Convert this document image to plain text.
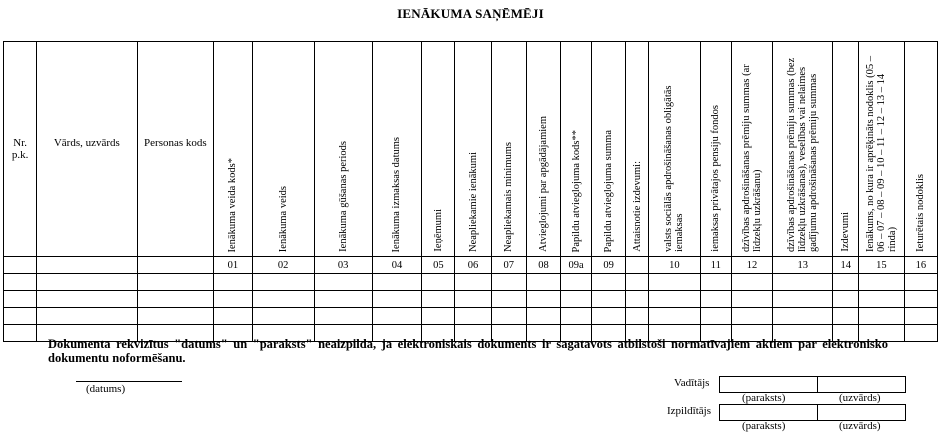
IENĀKUMA SAŅĒMĒJI
Nr. p.k.	Vārds, uzvārds	Personas kods	Ienākuma veida kods*	Ienākuma veids	Ienākuma gūšanas periods	Ienākuma izmaksas datums	Ieņēmumi	Neapliekamie ienākumi	Neapliekamais minimums	Atvieglojumi par apgādājamiem	Papildu atvieglojuma kods**	Papildu atvieglojuma summa	Attaisnotie izdevumi:	valsts sociālās apdrošināšanas obligātās iemaksas	iemaksas privātajos pensiju fondos	dzīvības apdrošināšanas prēmiju summas (ar līdzekļu uzkrāšanu)	dzīvības apdrošināšanas prēmiju summas (bez līdzekļu uzkrāšanas), veselības vai nelaimes gadījumu apdrošināšanas prēmiju summas	Izdevumi	Ienākums, no kura ir aprēķināts nodoklis (05 – 06 – 07 – 08 – 09 – 10 – 11 – 12 – 13 – 14 rinda)	Ieturētais nodoklis

			01	02	03	04	05	06	07	08	09a	09		10	11	12	13	14	15	16

Dokumenta rekvizītus "datums" un "paraksts" neaizpilda, ja elektroniskais dokuments ir sagatavots atbilstoši normatīvajiem aktiem par elektronisko dokumentu noformēšanu.
(datums)	Vadītājs
(paraksts)	(uzvārds)
Izpildītājs
(paraksts)	(uzvārds)
